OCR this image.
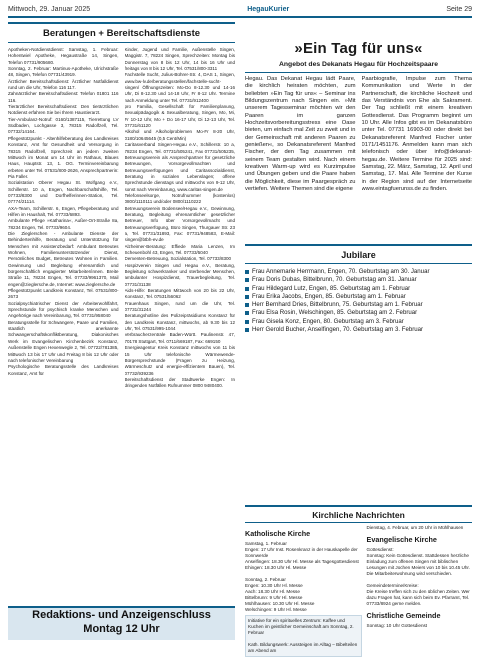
Mittwoch, 29. Januar 2025	HegauKurier	Seite 29
Beratungen + Bereitschaftsdienste
Apotheken-Notdienstdienst: Samstag, 1. Februar: Hohentwiel Apotheke, Hegaustraße 14, Singen, Telefon 07731/905680.
Sonntag, 2. Februar: Martinus-Apotheke, Ulrichstraße 48, Singen, Telefon 07731/43919.
Ärztlicher Bereitschaftsdienst: Ärztlicher Notfalldienst rund um die Uhr, Telefon 116 117.
Zahnärztlicher Bereitschaftsdienst: Telefon 01801 116 116.
Tierärztlicher Bereitschaftsdienst: Den tierärztlichen Notdienst erfahren Sie bei Ihrem Haustierarzt.
Tier-Ambulanz-Notruf: 0160/1387115, Tierrettung LV Südbaden, Lochgasse 3, 78315 Radolfzell, Tel. 07732/14164.
Pflegestützpunkt - Altenhilfeberatung des Landkreises Konstanz, Amt für Gesundheit und Versorgung in 78315 Radolfzell, Sprechzeit an jedem zweiten Mittwoch im Monat um 14 Uhr im Rathaus, Blaues Haus, Hauptstr. 13, 1. OG. Terminvereinbarung erbeten unter Tel. 07531/800-2626, Ansprechpartnerin: Pia Faller.
Sozialstation Oberer Hegau St. Wolfgang e.V., Schillerstr. 10 a, Engen, Nachbarschaftshilfe, Tel. 07733/8300 und Dorfhelferinnen-Station, Tel. 07774/21114.
AXA-Team, Schillerstr. 6, Engen, Pflegeberatung und Hilfen im Haushalt, Tel. 07733/6893.
Ambulante Pflege »Katharina«, Außer-Ort-Straße 8a, 78234 Engen, Tel. 07733/9604.
Die Zieglerschen - Ambulante Dienste der Behindertenhilfe, Beratung und Unterstützung für Menschen mit Assistenzbedarf: Ambulant Betreutes Wohnen, Familienunterstützender Dienst, Persönliches Budget, Betreutes Wohnen in Familien. Gewinnung und Begleitung ehrenamtlich und bürgerschaftlich engagierter Mitarbeiter/innen. Breite Straße 11, 78234 Engen, Tel. 07733/9961370, Mail engen@zieglersche.de, Internet: www.zieglersche.de
Pflegestützpunkt Landkreis Konstanz, Tel. 07531/800-2673
Sozialpsychiatrischer Dienst der Arbeiterwohlfahrt, Sprechstunde für psychisch kranke Menschen und Angehörige nach Vereinbarung, Tel. 07731/958040
Beratungsstelle für Schwangere, Paare und Familien, staatlich anerkannte Schwangerschaftskonfliktberatung, Diakonisches Werk im Evangelischen Kirchenbezirk Konstanz, Außenstelle Engen Hexenwegle 2, Tel. 07722/781385, Mittwoch 13 bis 17 Uhr und Freitag 8 bis 12 Uhr oder nach telefonischer Vereinbarung
Psychologische Beratungsstelle des Landkreises Konstanz, Amt für
Kinder, Jugend und Familie, Außenstelle Singen, Maggistr. 7, 78224 Singen, Sprechzeiten: Montag bis Donnerstag von 8 bis 12 Uhr, 14 bis 16 Uhr und freitags von 8 bis 12 Uhr, Tel. 07531/800-3311
Fachstelle Sucht, Julius-Bührer-Str. 4, DAS 1, Singen, www.bw-lv.de/beratungsstellen/fachstelle-sucht-singen/ Öffnungszeiten: Mo-Do 8-12.30 und 14-16 Uhr, Di 8-12.30 und 14-18 Uhr, Fr 8-12 Uhr. Termine nach Anmeldung unter Tel. 07731/912400
pro Familia, Gesellschaft für Familienplanung, Sexualpädagogik & Sexualberatung, Singen, Mo, Mi, Fr 10-12 Uhr, Mo + Do 16-17 Uhr, Di 12-13 Uhr, Tel. 07731/61120
Alkohol und Alkoholproblemen Mo-Fr 8-20 Uhr, 0180/10645645 (0,5 Cent/Min)
Caritasverband Singen-Hegau e.V., Schillerstr. 10 a, 78234 Engen, Tel. 07731/505241, Fax 07731/505235, Betreuungsverein als Ansprechpartner für gesetzliche Betreuungen, Vorsorgevollmachten und Betreuungsverfügungen und Caritassozialdienst, Beratung in sozialen Lebenslagen; offene Sprechstunde dienstags und mittwochs von 9-12 Uhr, sonst nach Vereinbarung, www.caritas-singen.de
Telefonseelsorge, Notrufnummer (kostenlos) 0800/1110111 und/oder 0800/1110222
Betreuungsverein Bodensee/Hegau e.V., Gewinnung, Beratung, Begleitung ehrenamtlicher gesetzlicher Betreuer, Info über Vorsorgevollmacht und Betreuungsverfügung, Büro Singen, Thurgauer Str. 23 a, Tel. 07731/31893, Fax: 07731/948583, E-Mail: singen@btbh-ev.de
Alzheimer-Beratung: Effiede Maria Lenzen, Im Scheuenbohl 43, Engen, Tel. 07733/5040
Dementen-Betreuung, Sozialstation, Tel. 07733/8300
Hospizverein Singen und Hegau e.V., Beratung, Begleitung schwerkranker und sterbender Menschen, ambulanter Hospizdienst, Trauerbegleitung, Tel. 07731/31138
Aids-Hilfe: Beratungen Mittwoch von 20 bis 22 Uhr, Konstanz, Tel. 07531/56062
Frauenhaus Singen, rund um die Uhr, Tel. 07731/31244
Beratungshotline des Polizeipräsidiums Konstanz für den Landkreis Konstanz, mittwochs, ab 9.30 bis 12 Uhr, Tel. 07531/995-1044
Verbraucherzentrale Baden-Württ. Paulinenstr. 47, 70178 Stuttgart, Tel. 0711/669187, Fax: 669150
Energieagentur Kreis Konstanz mittwochs von 11 bis 15 Uhr telefonische Wärmewende-Bürgersprechstunde (Fragen zu Heizung, Wärmeschutz und energie-effizientem Bauen), Tel. 07732/939236
Bereitschaftsdienst der Stadtwerke Engen: In dringenden Notfällen Rufnummer 0800 9480400.
Redaktions- und Anzeigenschluss
Montag 12 Uhr
»Ein Tag für uns«
Angebot des Dekanats Hegau für Hochzeitspaare
Hegau. Das Dekanat Hegau lädt Paare, die kirchlich heiraten möchten, zum beliebten »Ein Tag für uns« – Seminar ins Bildungszentrum nach Singen ein. »Mit unserem Tagesseminar möchten wir den Paaren im ganzen Hochzeitsvorbereitungsstress eine Oase bieten, um einfach mal Zeit zu zweit und in der Gemeinschaft mit anderen Paaren zu genießen«, so Dekanatsreferent Manfred Fischer, der den Tag zusammen mit seinem Team gestalten wird. Nach einem kreativen Warm-up wird es Kurzimpulse und Übungen geben und die Paare haben die Möglichkeit, diese im Paargespräch zu vertiefen. Weitere Themen sind die eigene
Paarbiografie, Impulse zum Thema Kommunikation und Werte in der Partnerschaft, die kirchliche Hochzeit und das Verständnis von Ehe als Sakrament. Der Tag schließt mit einem kreativen Gottesdienst. Das Programm beginnt um 10 Uhr. Alle Infos gibt es im Dekanatsbüro unter Tel. 07731 16903-00 oder direkt bei Dekanatsreferent Manfred Fischer unter 0171/1451176. Anmelden kann man sich telefonisch oder über info@dekanat-hegau.de. Weitere Termine für 2025 sind: Samstag, 22. März, Samstag, 12. April und Samstag, 17. Mai. Alle Termine der Kurse in der Region sind auf der Internetseite www.eintagfuerunss.de zu finden.
Jubilare
Frau Annemarie Herrmann, Engen, 70. Geburtstag am 30. Januar
Frau Doris Dubas, Bittelbrunn, 70. Geburtstag am 31. Januar
Frau Hildegard Lutz, Engen, 85. Geburtstag am 1. Februar
Frau Erika Jacobs, Engen, 85. Geburtstag am 1. Februar
Herr Bernhard Dries, Bittelbrunn, 75. Geburtstag am 1. Februar
Frau Elsa Rosin, Welschingen, 85. Geburtstag am 2. Februar
Frau Gisela Konz, Engen, 80. Geburtstag am 3. Februar
Herr Gerold Bucher, Anselfingen, 70. Geburtstag am 3. Februar
Kirchliche Nachrichten
Katholische Kirche
Samstag, 1. Februar
Engen: 17 Uhr Inst. Rosenkranz in der Hauskapelle der Sonnwerde
Anselfingen: 18.30 Uhr Hl. Messe als Tagesgottesdienst
Ehingen: 18.30 Uhr Hl. Messe

Sonntag, 2. Februar
Engen: 10.30 Uhr Hl. Messe
Aach: 18.30 Uhr Hl. Messe
Bittelbrunn: 9 Uhr Hl. Messe
Mühlhausen: 10.30 Uhr Hl. Messe
Welschingen: 9 Uhr Hl. Messe
Initiative für ein spirituelles Zentrum: Kaffee und Kuchen im geistlicher Gemeinschaft am Sonntag, 2. Februar

Kath. Bildungswerk: Aussteigen im Alltag – Bibelteilen am Abend am
Dienstag, 4. Februar, um 20 Uhr in Mühlhausen
Evangelische Kirche
Gottesdienst:
Sonntag: Kein Gottesdienst. Stattdessen herzliche Einladung zum offenen Singen mit biblischen Lesungen mit Jochen Meiers von 10 bis 10.45 Uhr. Die Mitarbeiterwohnung wird verschieden.

Gemeindetermine/Kreise:
Die Kreise treffen sich zu den üblichen Zeiten. Wer dazu Fragen hat, kann sich beim Ev. Pfarramt, Tel. 07733/8924 gerne melden.
Christliche Gemeinde
Sonntag: 10 Uhr Gottesdienst
